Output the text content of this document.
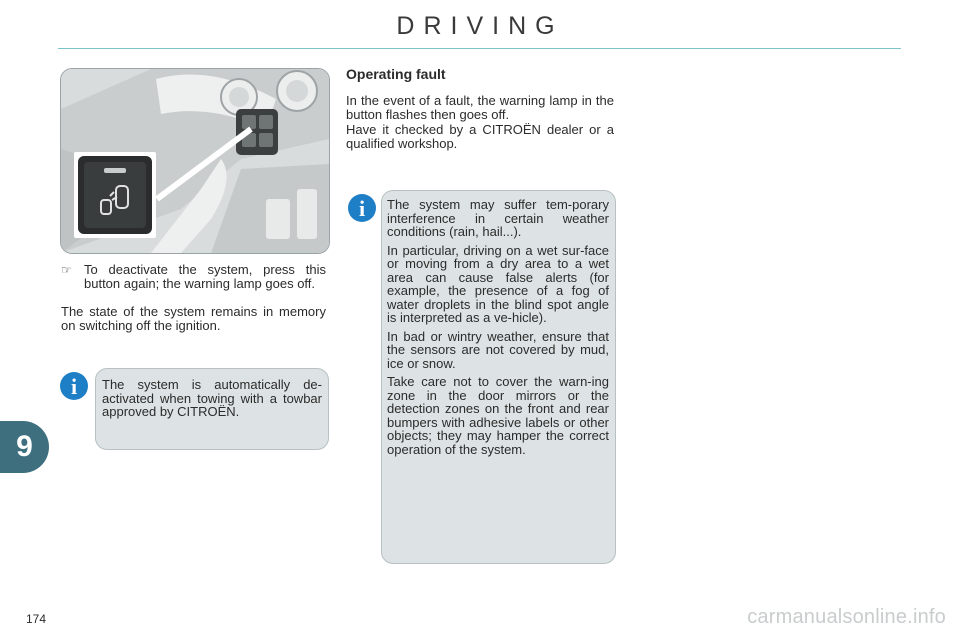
DRIVING
9
☞ To deactivate the system, press this button again; the warning lamp goes off.
The state of the system remains in memory on switching off the ignition.
i	The system is automatically de-activated when towing with a towbar approved by CITROËN.
Operating fault
In the event of a fault, the warning lamp in the button flashes then goes off.
Have it checked by a CITROËN dealer or a qualified workshop.
i	The system may suffer tem-porary interference in certain weather conditions (rain, hail...).

In particular, driving on a wet sur-face or moving from a dry area to a wet area can cause false alerts (for example, the presence of a fog of water droplets in the blind spot angle is interpreted as a ve-hicle).

In bad or wintry weather, ensure that the sensors are not covered by mud, ice or snow.

Take care not to cover the warn-ing zone in the door mirrors or the detection zones on the front and rear bumpers with adhesive labels or other objects; they may hamper the correct operation of the system.

174	carmanualsonline.info
